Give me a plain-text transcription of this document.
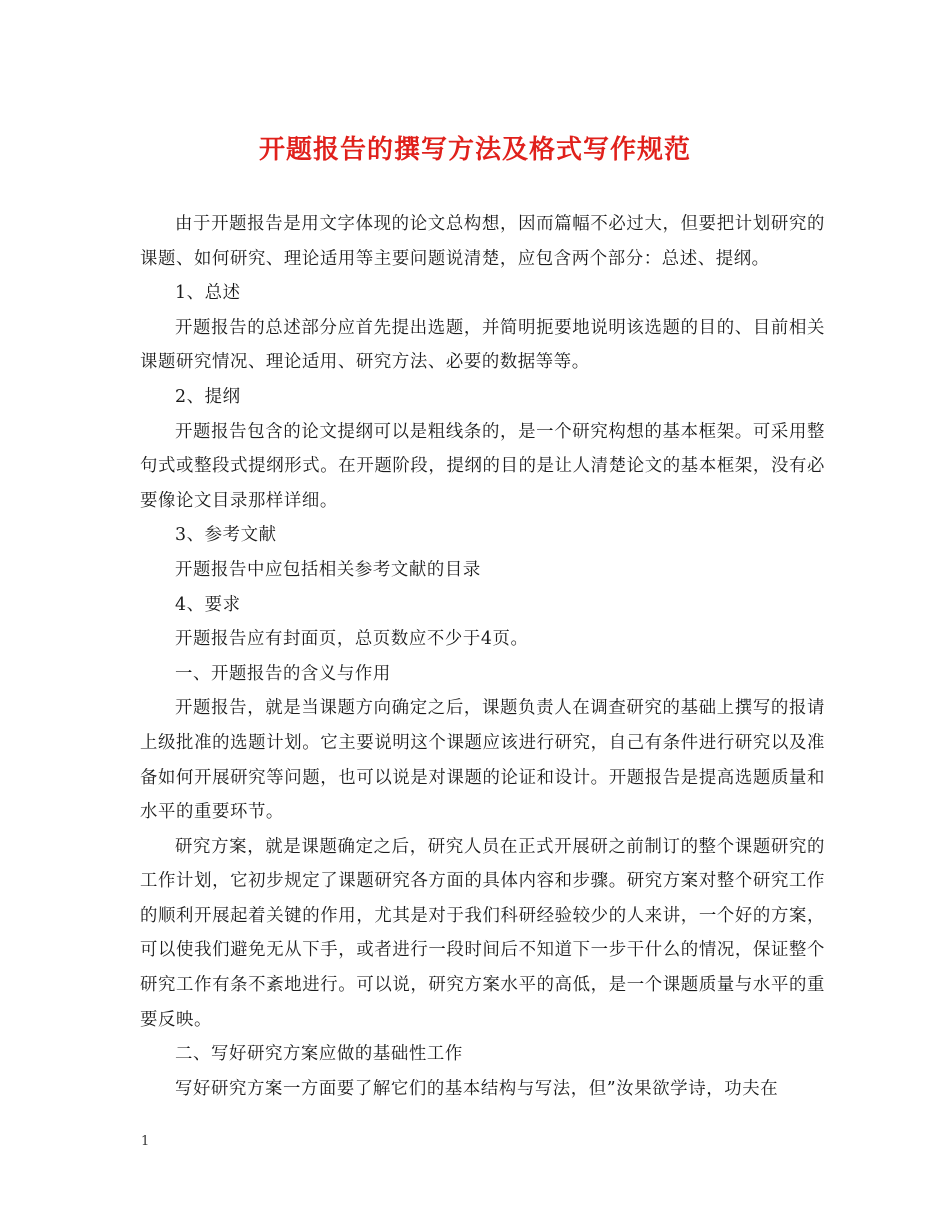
开题报告的撰写方法及格式写作规范

由于开题报告是用文字体现的论文总构想，因而篇幅不必过大，但要把计划研究的课题、如何研究、理论适用等主要问题说清楚，应包含两个部分：总述、提纲。

1、总述

开题报告的总述部分应首先提出选题，并简明扼要地说明该选题的目的、目前相关课题研究情况、理论适用、研究方法、必要的数据等等。

2、提纲

开题报告包含的论文提纲可以是粗线条的，是一个研究构想的基本框架。可采用整句式或整段式提纲形式。在开题阶段，提纲的目的是让人清楚论文的基本框架，没有必要像论文目录那样详细。

3、参考文献

开题报告中应包括相关参考文献的目录

4、要求

开题报告应有封面页，总页数应不少于4页。

一、开题报告的含义与作用

开题报告，就是当课题方向确定之后，课题负责人在调查研究的基础上撰写的报请上级批准的选题计划。它主要说明这个课题应该进行研究，自己有条件进行研究以及准备如何开展研究等问题，也可以说是对课题的论证和设计。开题报告是提高选题质量和水平的重要环节。

研究方案，就是课题确定之后，研究人员在正式开展研之前制订的整个课题研究的工作计划，它初步规定了课题研究各方面的具体内容和步骤。研究方案对整个研究工作的顺利开展起着关键的作用，尤其是对于我们科研经验较少的人来讲，一个好的方案，可以使我们避免无从下手，或者进行一段时间后不知道下一步干什么的情况，保证整个研究工作有条不紊地进行。可以说，研究方案水平的高低，是一个课题质量与水平的重要反映。

二、写好研究方案应做的基础性工作

写好研究方案一方面要了解它们的基本结构与写法，但”汝果欲学诗，功夫在

1
